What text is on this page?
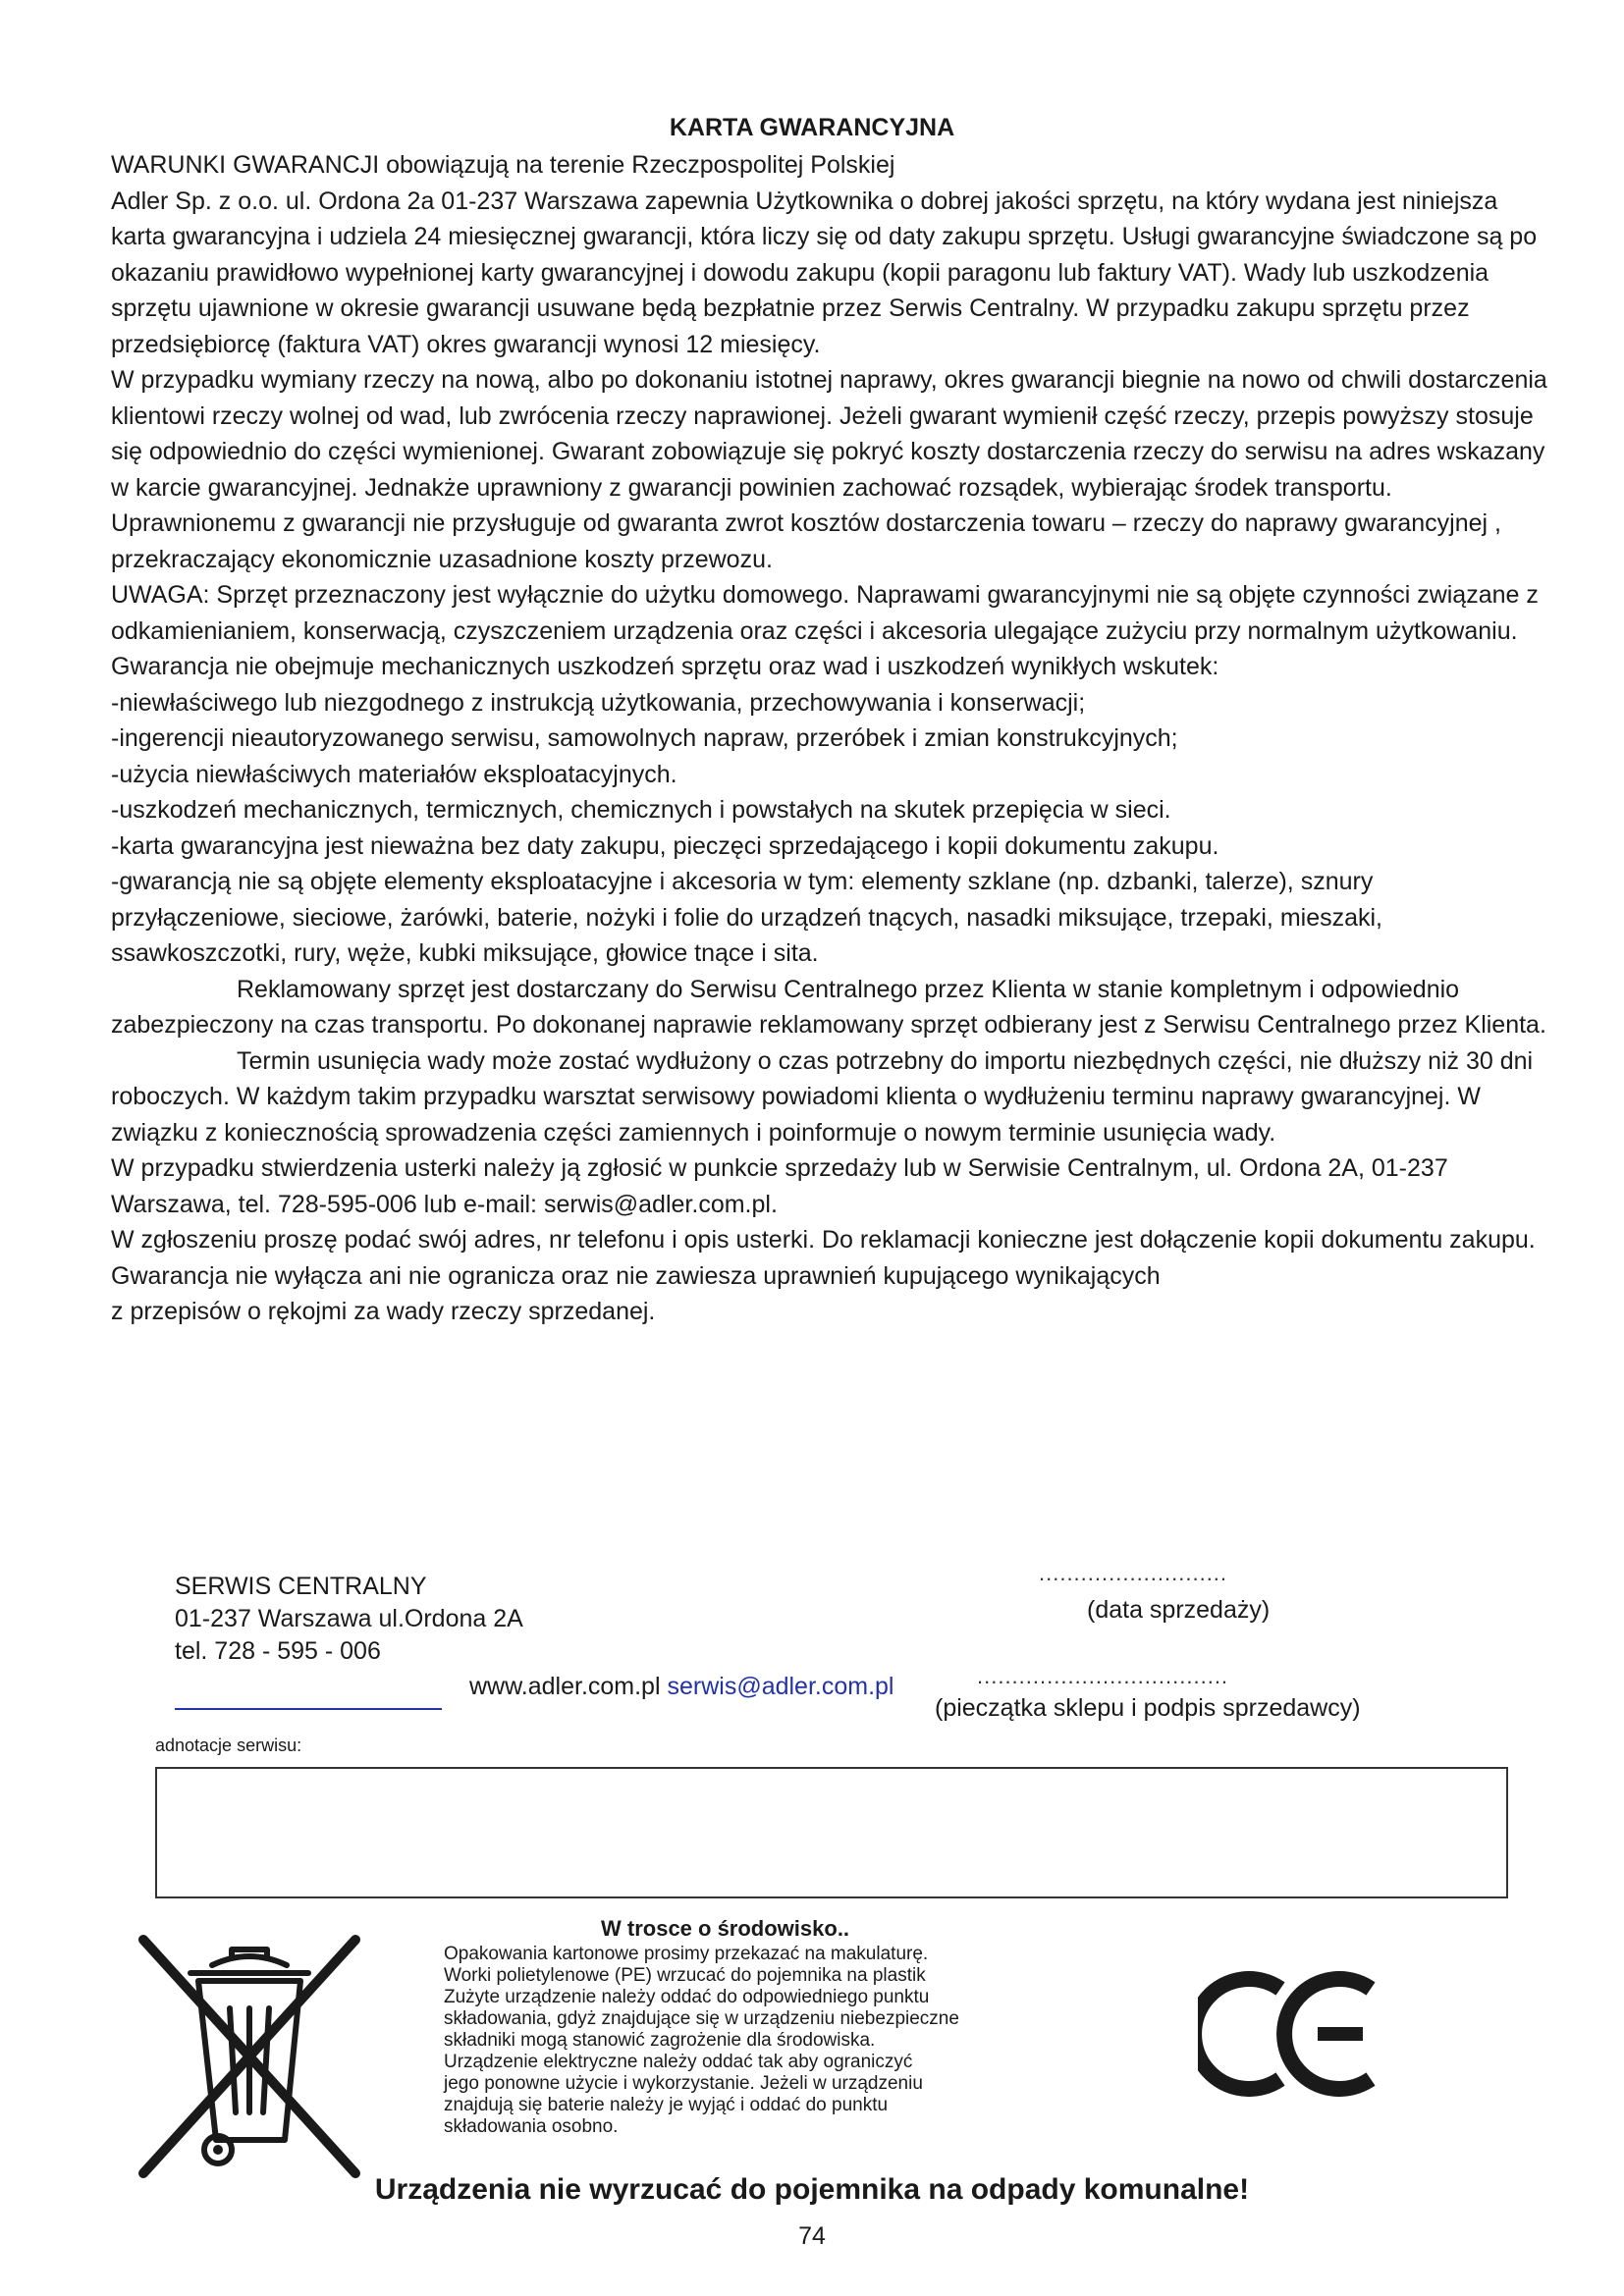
KARTA GWARANCYJNA

WARUNKI GWARANCJI obowiązują na terenie Rzeczpospolitej Polskiej

Adler Sp. z o.o. ul. Ordona 2a 01-237 Warszawa zapewnia Użytkownika o dobrej jakości sprzętu, na który wydana jest niniejsza karta gwarancyjna i udziela 24 miesięcznej gwarancji, która liczy się od daty zakupu sprzętu. Usługi gwarancyjne świadczone są po okazaniu prawidłowo wypełnionej karty gwarancyjnej i dowodu zakupu (kopii paragonu lub faktury VAT). Wady lub uszkodzenia sprzętu ujawnione w okresie gwarancji usuwane będą bezpłatnie przez Serwis Centralny. W przypadku zakupu sprzętu przez przedsiębiorcę (faktura VAT) okres gwarancji wynosi 12 miesięcy.

W przypadku wymiany rzeczy na nową, albo po dokonaniu istotnej naprawy, okres gwarancji biegnie na nowo od chwili dostarczenia klientowi rzeczy wolnej od wad, lub zwrócenia rzeczy naprawionej. Jeżeli gwarant wymienił część rzeczy, przepis powyższy stosuje się odpowiednio do części wymienionej. Gwarant zobowiązuje się pokryć koszty dostarczenia rzeczy do serwisu na adres wskazany w karcie gwarancyjnej. Jednakże uprawniony z gwarancji powinien zachować rozsądek, wybierając środek transportu. Uprawnionemu z gwarancji nie przysługuje od gwaranta zwrot kosztów dostarczenia towaru – rzeczy do naprawy gwarancyjnej , przekraczający ekonomicznie uzasadnione koszty przewozu.

UWAGA: Sprzęt przeznaczony jest wyłącznie do użytku domowego. Naprawami gwarancyjnymi nie są objęte czynności związane z odkamienianiem, konserwacją, czyszczeniem urządzenia oraz części i akcesoria ulegające zużyciu przy normalnym użytkowaniu. Gwarancja nie obejmuje mechanicznych uszkodzeń sprzętu oraz wad i uszkodzeń wynikłych wskutek:

-niewłaściwego lub niezgodnego z instrukcją użytkowania, przechowywania i konserwacji;

-ingerencji nieautoryzowanego serwisu, samowolnych napraw, przeróbek i zmian konstrukcyjnych;

-użycia niewłaściwych materiałów eksploatacyjnych.

-uszkodzeń mechanicznych, termicznych, chemicznych i powstałych na skutek przepięcia w sieci.

-karta gwarancyjna jest nieważna bez daty zakupu, pieczęci sprzedającego i kopii dokumentu zakupu.

-gwarancją nie są objęte elementy eksploatacyjne i akcesoria w tym: elementy szklane (np. dzbanki, talerze), sznury przyłączeniowe, sieciowe, żarówki, baterie, nożyki i folie do urządzeń tnących, nasadki miksujące, trzepaki, mieszaki, ssawkoszczotki, rury, węże, kubki miksujące, głowice tnące i sita.

Reklamowany sprzęt jest dostarczany do Serwisu Centralnego przez Klienta w stanie kompletnym i odpowiednio zabezpieczony na czas transportu. Po dokonanej naprawie reklamowany sprzęt odbierany jest z Serwisu Centralnego przez Klienta.

Termin usunięcia wady może zostać wydłużony o czas potrzebny do importu niezbędnych części, nie dłuższy niż 30 dni roboczych. W każdym takim przypadku warsztat serwisowy powiadomi klienta o wydłużeniu terminu naprawy gwarancyjnej. W związku z koniecznością sprowadzenia części zamiennych i poinformuje o nowym terminie usunięcia wady.

W przypadku stwierdzenia usterki należy ją zgłosić w punkcie sprzedaży lub w Serwisie Centralnym, ul. Ordona 2A, 01-237 Warszawa, tel. 728-595-006 lub e-mail: serwis@adler.com.pl.

W zgłoszeniu proszę podać swój adres, nr telefonu i opis usterki. Do reklamacji konieczne jest dołączenie kopii dokumentu zakupu.

Gwarancja nie wyłącza ani nie ogranicza oraz nie zawiesza uprawnień kupującego wynikających

z przepisów o rękojmi za wady rzeczy sprzedanej.

SERWIS CENTRALNY
01-237 Warszawa ul.Ordona 2A
tel. 728 - 595 - 006
www.adler.com.pl serwis@adler.com.pl
...........................
(data sprzedaży)
....................................
(pieczątka sklepu i podpis sprzedawcy)
adnotacje serwisu:
W trosce o środowisko..
Opakowania kartonowe prosimy przekazać na makulaturę.
Worki polietylenowe (PE) wrzucać do pojemnika na plastik
Zużyte urządzenie należy oddać do odpowiedniego punktu
składowania, gdyż znajdujące się w urządzeniu niebezpieczne
składniki mogą stanowić zagrożenie dla środowiska.
Urządzenie elektryczne należy oddać tak aby ograniczyć
jego ponowne użycie i wykorzystanie. Jeżeli w urządzeniu
znajdują się baterie należy je wyjąć i oddać do punktu
składowania osobno.
Urządzenia nie wyrzucać do pojemnika na odpady komunalne!
74
